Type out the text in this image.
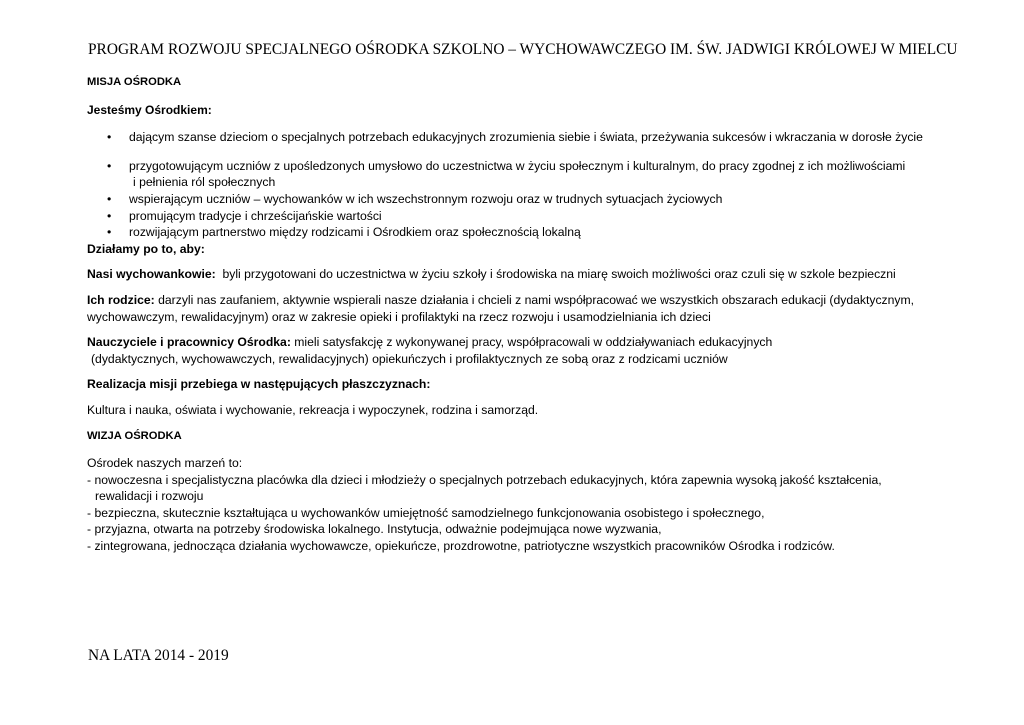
PROGRAM ROZWOJU SPECJALNEGO OŚRODKA SZKOLNO – WYCHOWAWCZEGO IM. ŚW. JADWIGI KRÓLOWEJ W MIELCU

MISJA OŚRODKA

Jesteśmy Ośrodkiem:

• dającym szanse dzieciom o specjalnych potrzebach edukacyjnych zrozumienia siebie i świata, przeżywania sukcesów i wkraczania w dorosłe życie
• przygotowującym uczniów z upośledzonych umysłowo do uczestnictwa w życiu społecznym i kulturalnym, do pracy zgodnej z ich możliwościami
i pełnienia ról społecznych
• wspierającym uczniów – wychowanków w ich wszechstronnym rozwoju oraz w trudnych sytuacjach życiowych
• promującym tradycje i chrześcijańskie wartości
• rozwijającym partnerstwo między rodzicami i Ośrodkiem oraz społecznością lokalną

Działamy po to, aby:

Nasi wychowankowie: byli przygotowani do uczestnictwa w życiu szkoły i środowiska na miarę swoich możliwości oraz czuli się w szkole bezpieczni

Ich rodzice: darzyli nas zaufaniem, aktywnie wspierali nasze działania i chcieli z nami współpracować we wszystkich obszarach edukacji (dydaktycznym, wychowawczym, rewalidacyjnym) oraz w zakresie opieki i profilaktyki na rzecz rozwoju i usamodzielniania ich dzieci

Nauczyciele i pracownicy Ośrodka: mieli satysfakcję z wykonywanej pracy, współpracowali w oddziaływaniach edukacyjnych

(dydaktycznych, wychowawczych, rewalidacyjnych) opiekuńczych i profilaktycznych ze sobą oraz z rodzicami uczniów

Realizacja misji przebiega w następujących płaszczyznach:

Kultura i nauka, oświata i wychowanie, rekreacja i wypoczynek, rodzina i samorząd.

WIZJA OŚRODKA

Ośrodek naszych marzeń to:

- nowoczesna i specjalistyczna placówka dla dzieci i młodzieży o specjalnych potrzebach edukacyjnych, która zapewnia wysoką jakość kształcenia,

rewalidacji i rozwoju

- bezpieczna, skutecznie kształtująca u wychowanków umiejętność samodzielnego funkcjonowania osobistego i społecznego,

- przyjazna, otwarta na potrzeby środowiska lokalnego. Instytucja, odważnie podejmująca nowe wyzwania,

- zintegrowana, jednocząca działania wychowawcze, opiekuńcze, prozdrowotne, patriotyczne wszystkich pracowników Ośrodka i rodziców.

NA LATA 2014 - 2019
